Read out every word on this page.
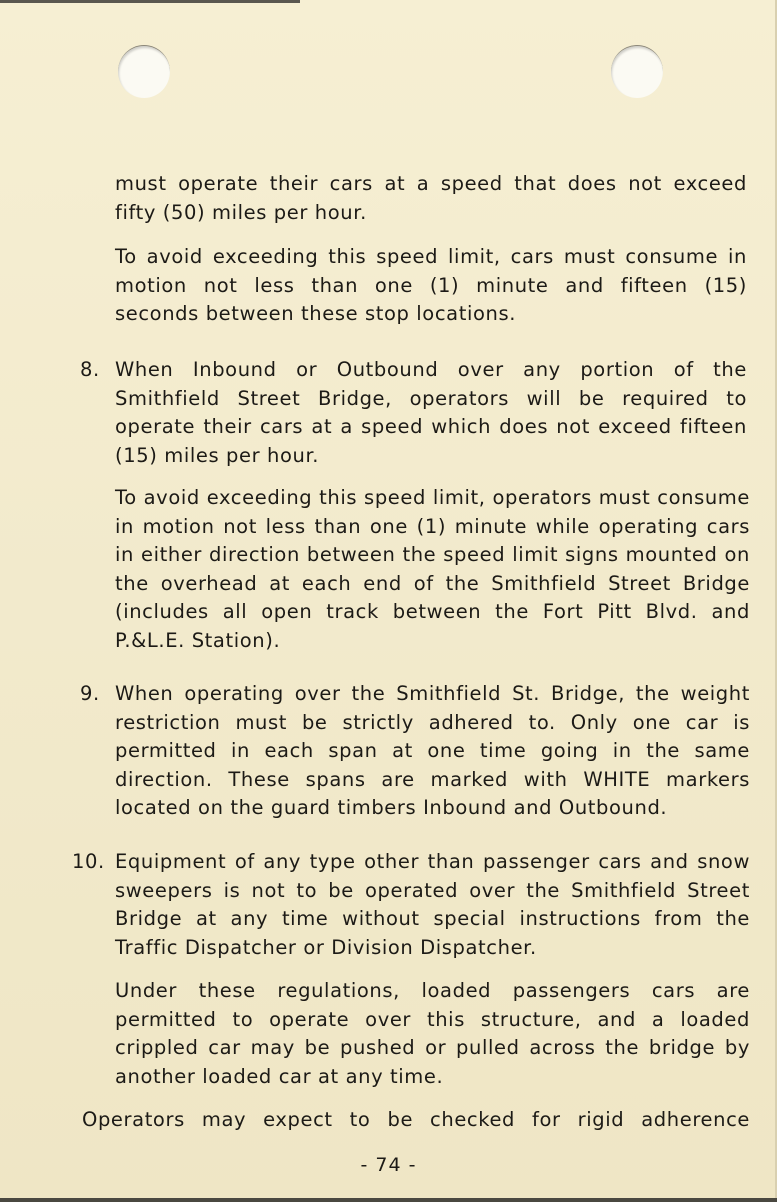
must operate their cars at a speed that does not exceed fifty (50) miles per hour.

To avoid exceeding this speed limit, cars must consume in motion not less than one (1) minute and fifteen (15) seconds between these stop locations.

8. When Inbound or Outbound over any portion of the Smithfield Street Bridge, operators will be required to operate their cars at a speed which does not exceed fifteen (15) miles per hour.

To avoid exceeding this speed limit, operators must consume in motion not less than one (1) minute while operating cars in either direction between the speed limit signs mounted on the overhead at each end of the Smithfield Street Bridge (includes all open track between the Fort Pitt Blvd. and P.&L.E. Station).

9. When operating over the Smithfield St. Bridge, the weight restriction must be strictly adhered to. Only one car is permitted in each span at one time going in the same direction. These spans are marked with WHITE markers located on the guard timbers Inbound and Outbound.

10. Equipment of any type other than passenger cars and snow sweepers is not to be operated over the Smithfield Street Bridge at any time without special instructions from the Traffic Dispatcher or Division Dispatcher.

Under these regulations, loaded passengers cars are permitted to operate over this structure, and a loaded crippled car may be pushed or pulled across the bridge by another loaded car at any time.

Operators may expect to be checked for rigid adherence

- 74 -
